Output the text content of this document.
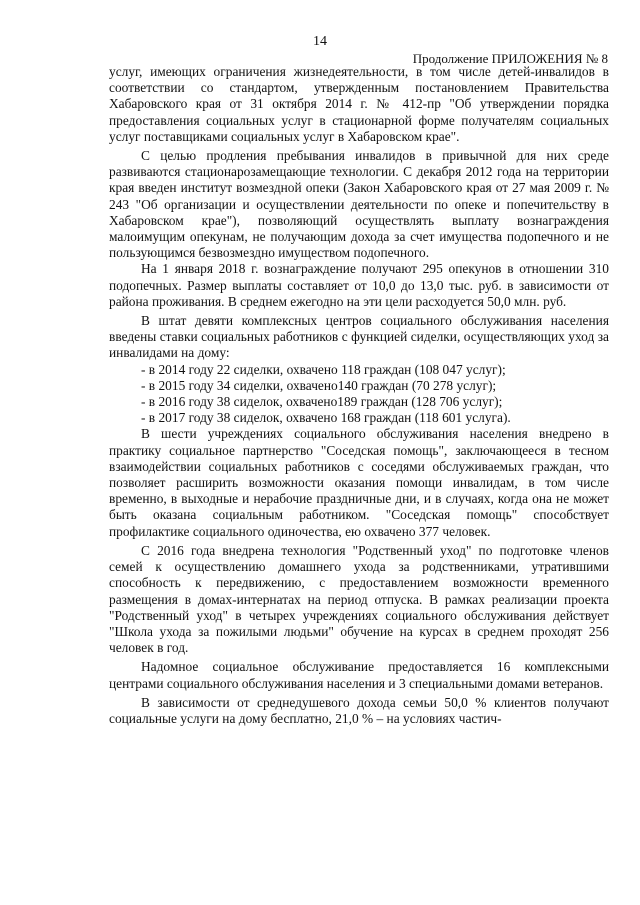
14
Продолжение ПРИЛОЖЕНИЯ № 8

услуг, имеющих ограничения жизнедеятельности, в том числе детей-инвалидов в соответствии со стандартом, утвержденным постановлением Правительства Хабаровского края от 31 октября 2014 г. № 412-пр "Об утверждении порядка предоставления социальных услуг в стационарной форме получателям социальных услуг поставщиками социальных услуг в Хабаровском крае".

С целью продления пребывания инвалидов в привычной для них среде развиваются стационарозамещающие технологии. С декабря 2012 года на территории края введен институт возмездной опеки (Закон Хабаровского края от 27 мая 2009 г. № 243 "Об организации и осуществлении деятельности по опеке и попечительству в Хабаровском крае"), позволяющий осуществлять выплату вознаграждения малоимущим опекунам, не получающим дохода за счет имущества подопечного и не пользующимся безвозмездно имуществом подопечного.

На 1 января 2018 г. вознаграждение получают 295 опекунов в отношении 310 подопечных. Размер выплаты составляет от 10,0 до 13,0 тыс. руб. в зависимости от района проживания. В среднем ежегодно на эти цели расходуется 50,0 млн. руб.

В штат девяти комплексных центров социального обслуживания населения введены ставки социальных работников с функцией сиделки, осуществляющих уход за инвалидами на дому:

- в 2014 году 22 сиделки, охвачено 118 граждан (108 047 услуг);
- в 2015 году 34 сиделки, охвачено140 граждан (70 278 услуг);
- в 2016 году 38 сиделок, охвачено189 граждан (128 706 услуг);
- в 2017 году 38 сиделок, охвачено 168 граждан (118 601 услуга).

В шести учреждениях социального обслуживания населения внедрено в практику социальное партнерство "Соседская помощь", заключающееся в тесном взаимодействии социальных работников с соседями обслуживаемых граждан, что позволяет расширить возможности оказания помощи инвалидам, в том числе временно, в выходные и нерабочие праздничные дни, и в случаях, когда она не может быть оказана социальным работником. "Соседская помощь" способствует профилактике социального одиночества, ею охвачено 377 человек.

С 2016 года внедрена технология "Родственный уход" по подготовке членов семей к осуществлению домашнего ухода за родственниками, утратившими способность к передвижению, с предоставлением возможности временного размещения в домах-интернатах на период отпуска. В рамках реализации проекта "Родственный уход" в четырех учреждениях социального обслуживания действует "Школа ухода за пожилыми людьми" обучение на курсах в среднем проходят 256 человек в год.

Надомное социальное обслуживание предоставляется 16 комплексными центрами социального обслуживания населения и 3 специальными домами ветеранов.

В зависимости от среднедушевого дохода семьи 50,0 % клиентов получают социальные услуги на дому бесплатно, 21,0 % – на условиях частич-
